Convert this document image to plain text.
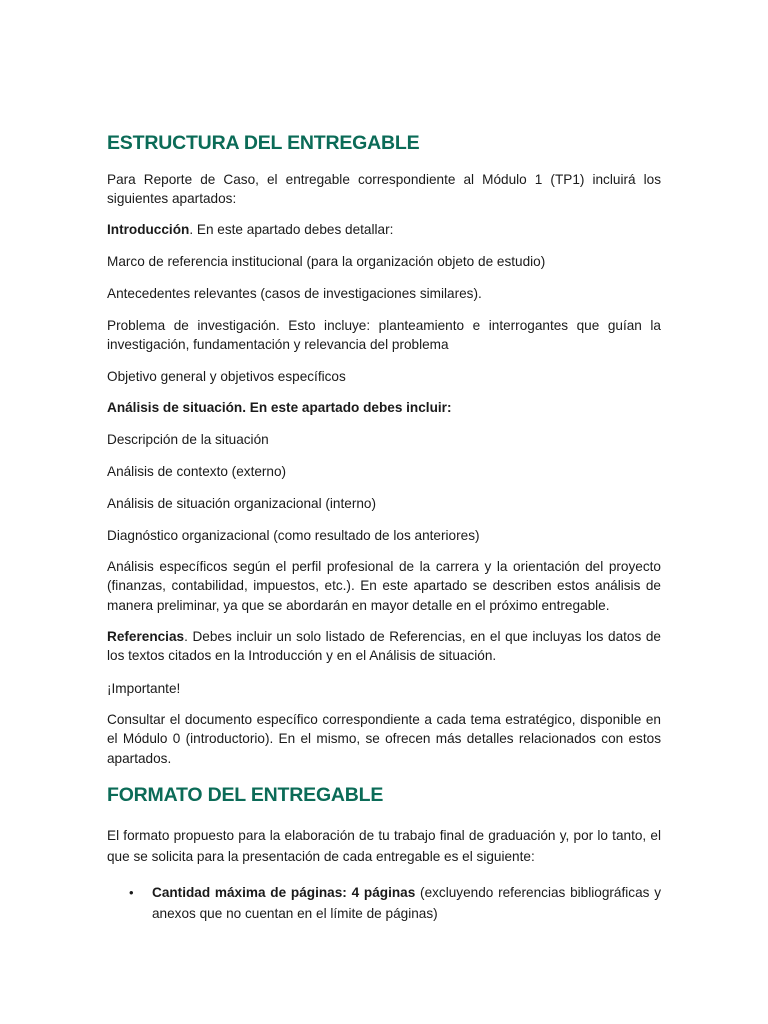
ESTRUCTURA DEL ENTREGABLE

Para Reporte de Caso, el entregable correspondiente al Módulo 1 (TP1) incluirá los siguientes apartados:

Introducción. En este apartado debes detallar:

Marco de referencia institucional (para la organización objeto de estudio)

Antecedentes relevantes (casos de investigaciones similares).

Problema de investigación. Esto incluye: planteamiento e interrogantes que guían la investigación, fundamentación y relevancia del problema

Objetivo general y objetivos específicos

Análisis de situación. En este apartado debes incluir:

Descripción de la situación

Análisis de contexto (externo)

Análisis de situación organizacional (interno)

Diagnóstico organizacional (como resultado de los anteriores)

Análisis específicos según el perfil profesional de la carrera y la orientación del proyecto (finanzas, contabilidad, impuestos, etc.). En este apartado se describen estos análisis de manera preliminar, ya que se abordarán en mayor detalle en el próximo entregable.

Referencias. Debes incluir un solo listado de Referencias, en el que incluyas los datos de los textos citados en la Introducción y en el Análisis de situación.

¡Importante!

Consultar el documento específico correspondiente a cada tema estratégico, disponible en el Módulo 0 (introductorio). En el mismo, se ofrecen más detalles relacionados con estos apartados.

FORMATO DEL ENTREGABLE

El formato propuesto para la elaboración de tu trabajo final de graduación y, por lo tanto, el que se solicita para la presentación de cada entregable es el siguiente:

• Cantidad máxima de páginas: 4 páginas (excluyendo referencias bibliográficas y anexos que no cuentan en el límite de páginas)
